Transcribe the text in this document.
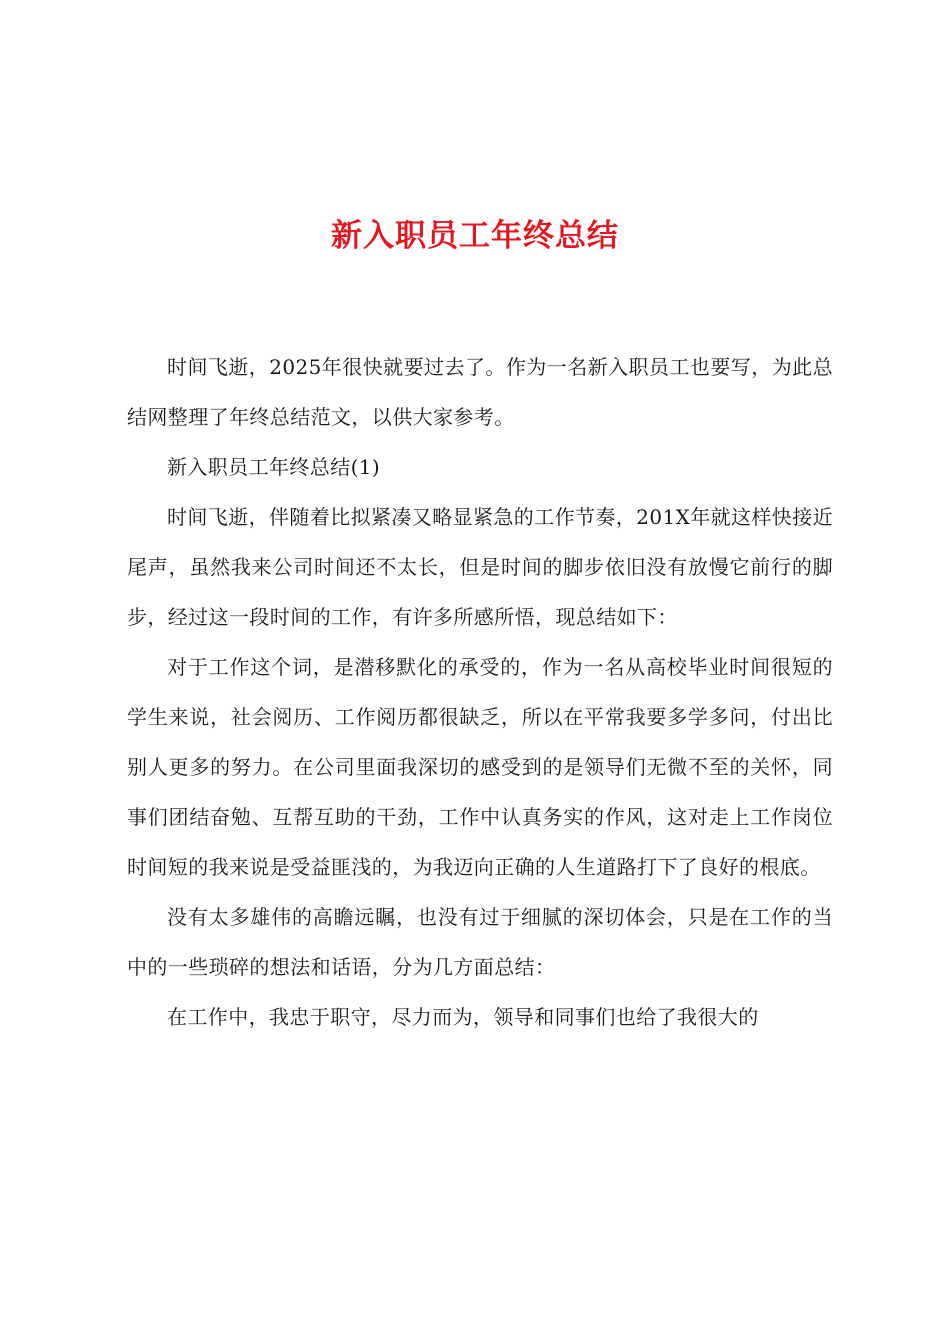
新入职员工年终总结

时间飞逝，2025年很快就要过去了。作为一名新入职员工也要写，为此总结网整理了年终总结范文，以供大家参考。

新入职员工年终总结(1)

时间飞逝，伴随着比拟紧凑又略显紧急的工作节奏，201X年就这样快接近尾声，虽然我来公司时间还不太长，但是时间的脚步依旧没有放慢它前行的脚步，经过这一段时间的工作，有许多所感所悟，现总结如下：

对于工作这个词，是潜移默化的承受的，作为一名从高校毕业时间很短的学生来说，社会阅历、工作阅历都很缺乏，所以在平常我要多学多问，付出比别人更多的努力。在公司里面我深切的感受到的是领导们无微不至的关怀，同事们团结奋勉、互帮互助的干劲，工作中认真务实的作风，这对走上工作岗位时间短的我来说是受益匪浅的，为我迈向正确的人生道路打下了良好的根底。

没有太多雄伟的高瞻远瞩，也没有过于细腻的深切体会，只是在工作的当中的一些琐碎的想法和话语，分为几方面总结：

在工作中，我忠于职守，尽力而为，领导和同事们也给了我很大的
